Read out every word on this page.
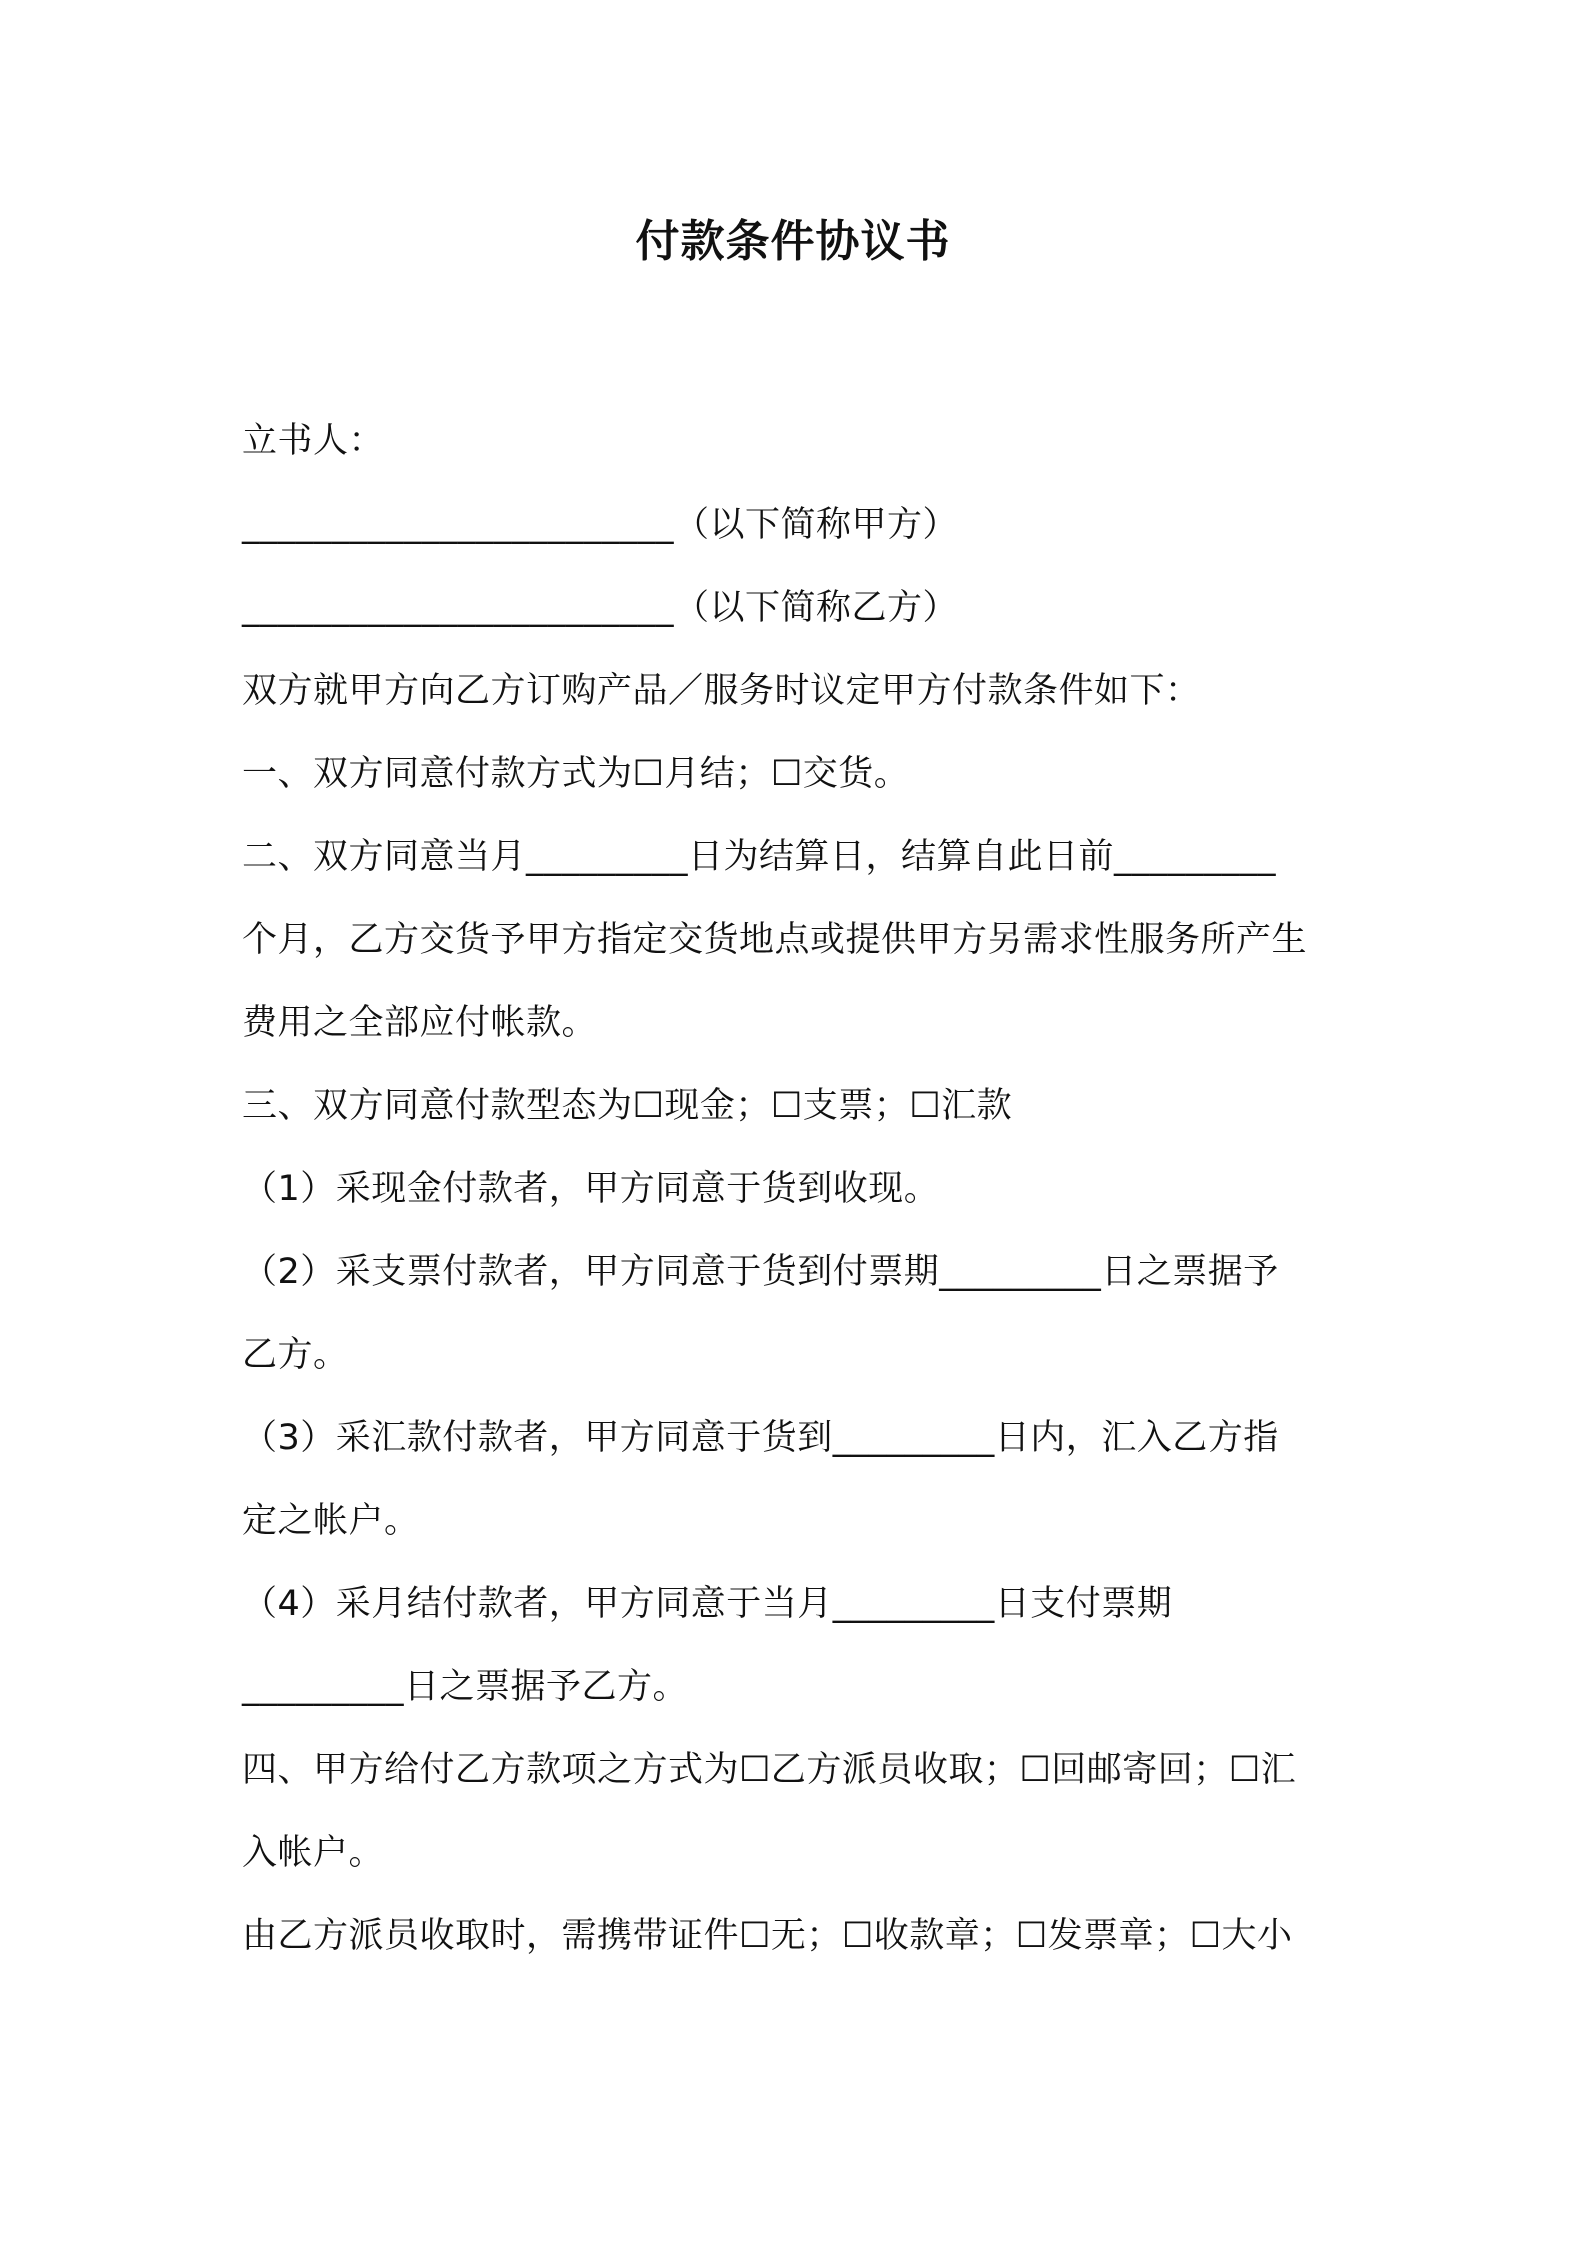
付款条件协议书
立书人：
________________________（以下简称甲方）
________________________（以下简称乙方）
双方就甲方向乙方订购产品／服务时议定甲方付款条件如下：
一、双方同意付款方式为☐月结；☐交货。
二、双方同意当月_________日为结算日，结算自此日前_________
个月，乙方交货予甲方指定交货地点或提供甲方另需求性服务所产生
费用之全部应付帐款。
三、双方同意付款型态为☐现金；☐支票；☐汇款
（1）采现金付款者，甲方同意于货到收现。
（2）采支票付款者，甲方同意于货到付票期_________日之票据予
乙方。
（3）采汇款付款者，甲方同意于货到_________日内，汇入乙方指
定之帐户。
（4）采月结付款者，甲方同意于当月_________日支付票期
_________日之票据予乙方。
四、甲方给付乙方款项之方式为☐乙方派员收取；☐回邮寄回；☐汇
入帐户。
由乙方派员收取时，需携带证件☐无；☐收款章；☐发票章；☐大小
